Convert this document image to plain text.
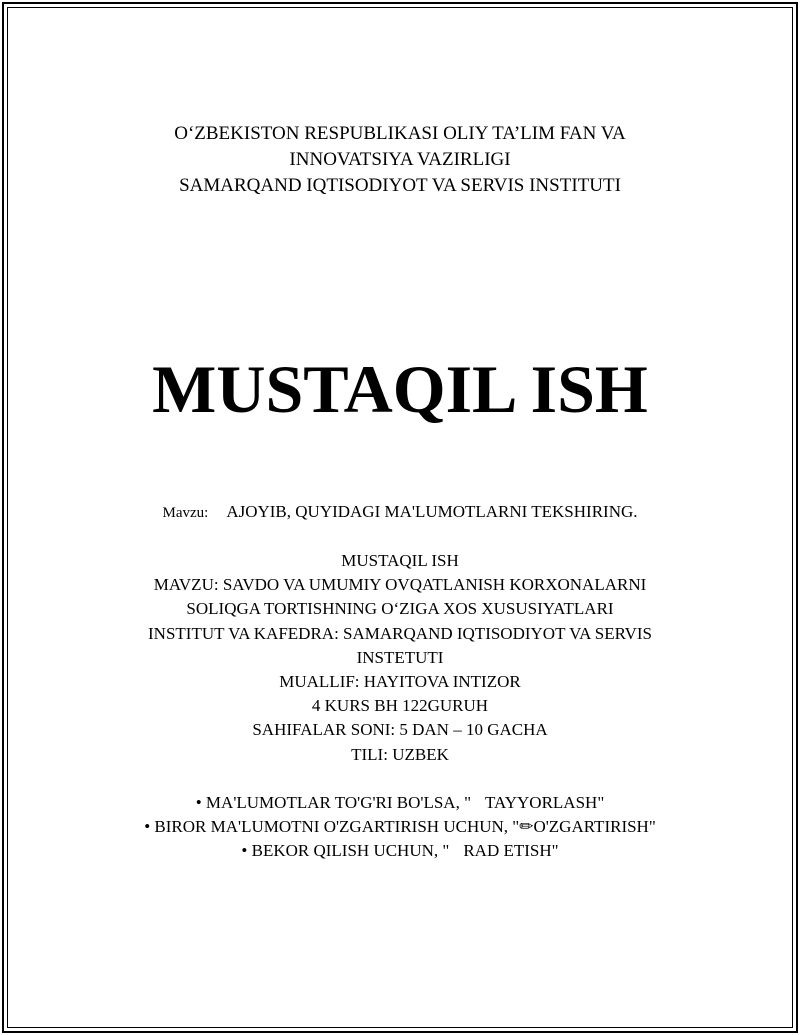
O‘ZBEKISTON RESPUBLIKASI OLIY TA’LIM FAN VA
INNOVATSIYA VAZIRLIGI
SAMARQAND IQTISODIYOT VA SERVIS INSTITUTI
MUSTAQIL ISH
Mavzu: AJOYIB, QUYIDAGI MA'LUMOTLARNI TEKSHIRING.
MUSTAQIL ISH
MAVZU: SAVDO VA UMUMIY OVQATLANISH KORXONALARNI
SOLIQGA TORTISHNING O‘ZIGA XOS XUSUSIYATLARI
INSTITUT VA KAFEDRA: SAMARQAND IQTISODIYOT VA SERVIS
INSTETUTI
MUALLIF: HAYITOVA INTIZOR
4 KURS BH 122GURUH
SAHIFALAR SONI: 5 DAN – 10 GACHA
TILI: UZBEK
• MA'LUMOTLAR TO'G'RI BO'LSA, " TAYYORLASH"
• BIROR MA'LUMOTNI O'ZGARTIRISH UCHUN, "✏O'ZGARTIRISH"
• BEKOR QILISH UCHUN, " RAD ETISH"
